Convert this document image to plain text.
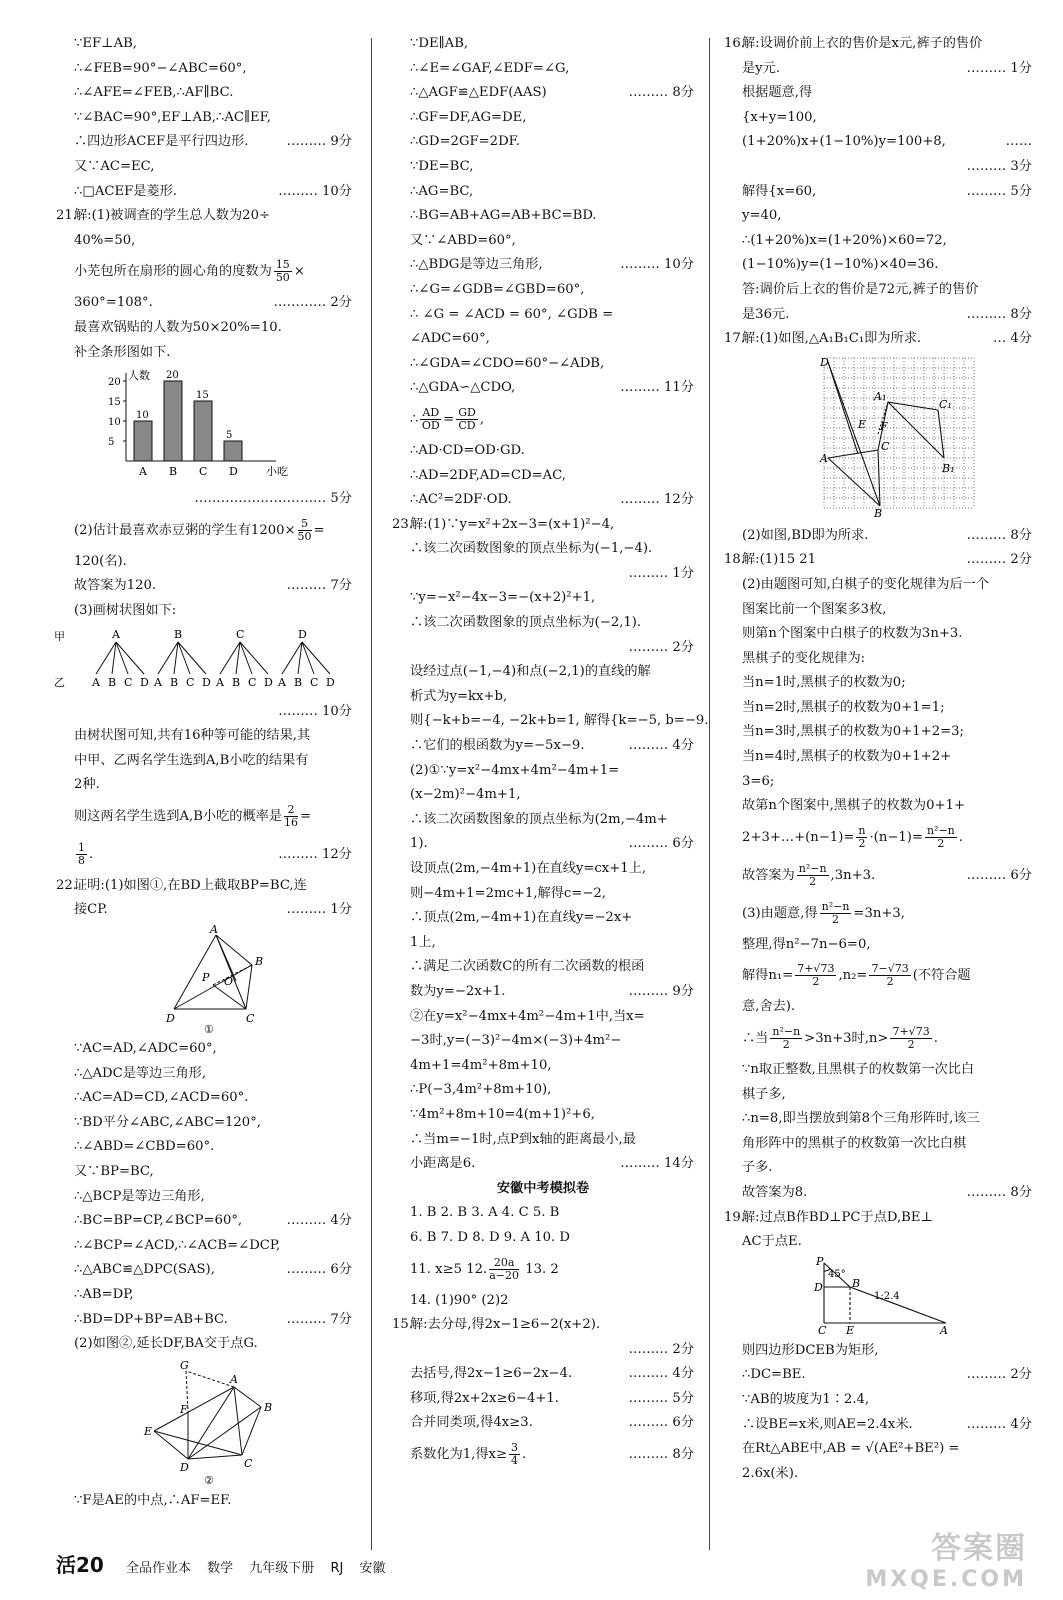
∵EF⊥AB,
∴∠FEB=90°−∠ABC=60°,
∴∠AFE=∠FEB,∴AF∥BC.
∵∠BAC=90°,EF⊥AB,∴AC∥EF,
∴四边形ACEF是平行四边形.	……… 9分
又∵AC=EC,
∴□ACEF是菱形.	……… 10分
21.解:(1)被调查的学生总人数为20÷
40%=50,
小芜包所在扇形的圆心角的度数为 $\frac{15}{50}$ ×
360°=108°.	………… 2分
最喜欢锅贴的人数为50×20%=10.
补全条形图如下.
人数
小吃
5
10
15
20
10
A
20
B
15
C
5
D
………………………… 5分
(2)估计最喜欢赤豆粥的学生有$1200\times \frac{5}{50}$ =
120(名).
故答案为120.	……… 7分
(3)画树状图如下:
甲
乙
A
A B C D
B
A B C D
C
A B C D
D
A B C D
……… 10分
由树状图可知,共有16种等可能的结果,其
中甲、乙两名学生选到A,B小吃的结果有
2种.
则这两名学生选到A,B小吃的概率是 $\frac{2}{16}$ =
$\frac{1}{8}$ .	……… 12分
22.证明:(1)如图①,在BD上截取BP=BC,连
接CP.	……… 1分
A
B
C
D
P O
①
∵AC=AD,∠ADC=60°,
∴△ADC是等边三角形,
∴AC=AD=CD,∠ACD=60°.
∵BD平分∠ABC,∠ABC=120°,
∴∠ABD=∠CBD=60°.
又∵BP=BC,
∴△BCP是等边三角形,
∴BC=BP=CP,∠BCP=60°,	……… 4分
∴∠BCP=∠ACD,∴∠ACB=∠DCP,
∴△ABC≌△DPC(SAS),	……… 6分
∴AB=DP,
∴BD=DP+BP=AB+BC.	……… 7分
(2)如图②,延长DF,BA交于点G.
G
A
B
C
D
E
F
②
∵F是AE的中点,∴AF=EF.
∵DE∥AB,
∴∠E=∠GAF,∠EDF=∠G,
∴△AGF≌△EDF(AAS)	……… 8分
∴GF=DF,AG=DE,
∴GD=2GF=2DF.
∵DE=BC,
∴AG=BC,
∴BG=AB+AG=AB+BC=BD.
又∵∠ABD=60°,
∴△BDG是等边三角形,	……… 10分
∴∠G=∠GDB=∠GBD=60°,
∴ ∠G = ∠ACD = 60°, ∠GDB =
∠ADC=60°,
∴∠GDA=∠CDO=60°−∠ADB,
∴△GDA∽△CDO,	……… 11分
∴ $\frac{AD}{OD} = \frac{GD}{CD}$ ,
∴AD·CD=OD·GD.
∴AD=2DF,AD=CD=AC,
∴AC²=2DF·OD.	……… 12分
23.解:(1)∵y=x²+2x−3=(x+1)²−4,
∴该二次函数图象的顶点坐标为(−1,−4).
……… 1分
∵y=−x²−4x−3=−(x+2)²+1,
∴该二次函数图象的顶点坐标为(−2,1).
……… 2分
设经过点(−1,−4)和点(−2,1)的直线的解
析式为y=kx+b,
则{−k+b=−4, −2k+b=1, 解得{k=−5, b=−9.
∴它们的根函数为y=−5x−9.	……… 4分
(2)①∵y=x²−4mx+4m²−4m+1=
(x−2m)²−4m+1,
∴该二次函数图象的顶点坐标为(2m,−4m+
1).	……… 6分
设顶点(2m,−4m+1)在直线y=cx+1上,
则−4m+1=2mc+1,解得c=−2,
∴顶点(2m,−4m+1)在直线y=−2x+
1上,
∴满足二次函数C的所有二次函数的根函
数为y=−2x+1.	……… 9分
②在y=x²−4mx+4m²−4m+1中,当x=
−3时,y=(−3)²−4m×(−3)+4m²−
4m+1=4m²+8m+10,
∴P(−3,4m²+8m+10),
∵4m²+8m+10=4(m+1)²+6,
∴当m=−1时,点P到x轴的距离最小,最
小距离是6.	……… 14分
安徽中考模拟卷
1. B 2. B 3. A 4. C 5. B
6. B 7. D 8. D 9. A 10. D
11. x≥5 12. $\frac{20a}{a-20} 13$. 2
14. (1)90° (2)2
15.解:去分母,得2x−1≥6−2(x+2).
……… 2分
去括号,得2x−1≥6−2x−4.	……… 4分
移项,得2x+2x≥6−4+1.	……… 5分
合并同类项,得4x≥3.	……… 6分
系数化为1,得$x\ge \frac{3}{4}$ .	……… 8分
16.解:设调价前上衣的售价是x元,裤子的售价
是y元.	……… 1分
根据题意,得
{x+y=100,
(1+20%)x+(1−10%)y=100+8,	……
……… 3分
解得{x=60,	……… 5分
y=40,
∴(1+20%)x=(1+20%)×60=72,
(1−10%)y=(1−10%)×40=36.
答:调价后上衣的售价是72元,裤子的售价
是36元.	……… 8分
17.解:(1)如图,△A₁B₁C₁即为所求.	… 4分
D
A
A₁
B
C
C₁
B₁
E F
(2)如图,BD即为所求.	……… 8分
18.解:(1)15 21	……… 2分
(2)由题图可知,白棋子的变化规律为后一个
图案比前一个图案多3枚,
则第n个图案中白棋子的枚数为3n+3.
黑棋子的变化规律为:
当n=1时,黑棋子的枚数为0;
当n=2时,黑棋子的枚数为0+1=1;
当n=3时,黑棋子的枚数为0+1+2=3;
当n=4时,黑棋子的枚数为0+1+2+
3=6;
故第n个图案中,黑棋子的枚数为0+1+
2+3+…+(n−1)= $\frac{n}{2} \cdot(n-1)= \frac{\text{n²−n}}{2}$ .
故答案为 $\frac{\text{n²−n}}{2} ,3n+3$.	……… 6分
(3)由题意,得 $\frac{\text{n²−n}}{2} =3n+3$,
整理,得n²−7n−6=0,
解得$n_1= \frac{7+√73}{2} ,n_2= \frac{7-√73}{2}$ (不符合题
意,舍去).
∴当 $\frac{\text{n²−n}}{2} >3n+3$时$,n> \frac{7+√73}{2}$ .
∵n取正整数,且黑棋子的枚数第一次比白
棋子多,
∴n=8,即当摆放到第8个三角形阵时,该三
角形阵中的黑棋子的枚数第一次比白棋
子多.
故答案为8.	……… 8分
19.解:过点B作BD⊥PC于点D,BE⊥
AC于点E.
P
45°
D	B
1:2.4
C E	A
则四边形DCEB为矩形,
∴DC=BE.	……… 2分
∵AB的坡度为1∶2.4,
∴设BE=x米,则AE=2.4x米.	……… 4分
在Rt△ABE中,AB = √(AE²+BE²) =
2.6x(米).
活20 全品作业本 数学 九年级下册 RJ 安徽
答案圈
MXQE.COM
